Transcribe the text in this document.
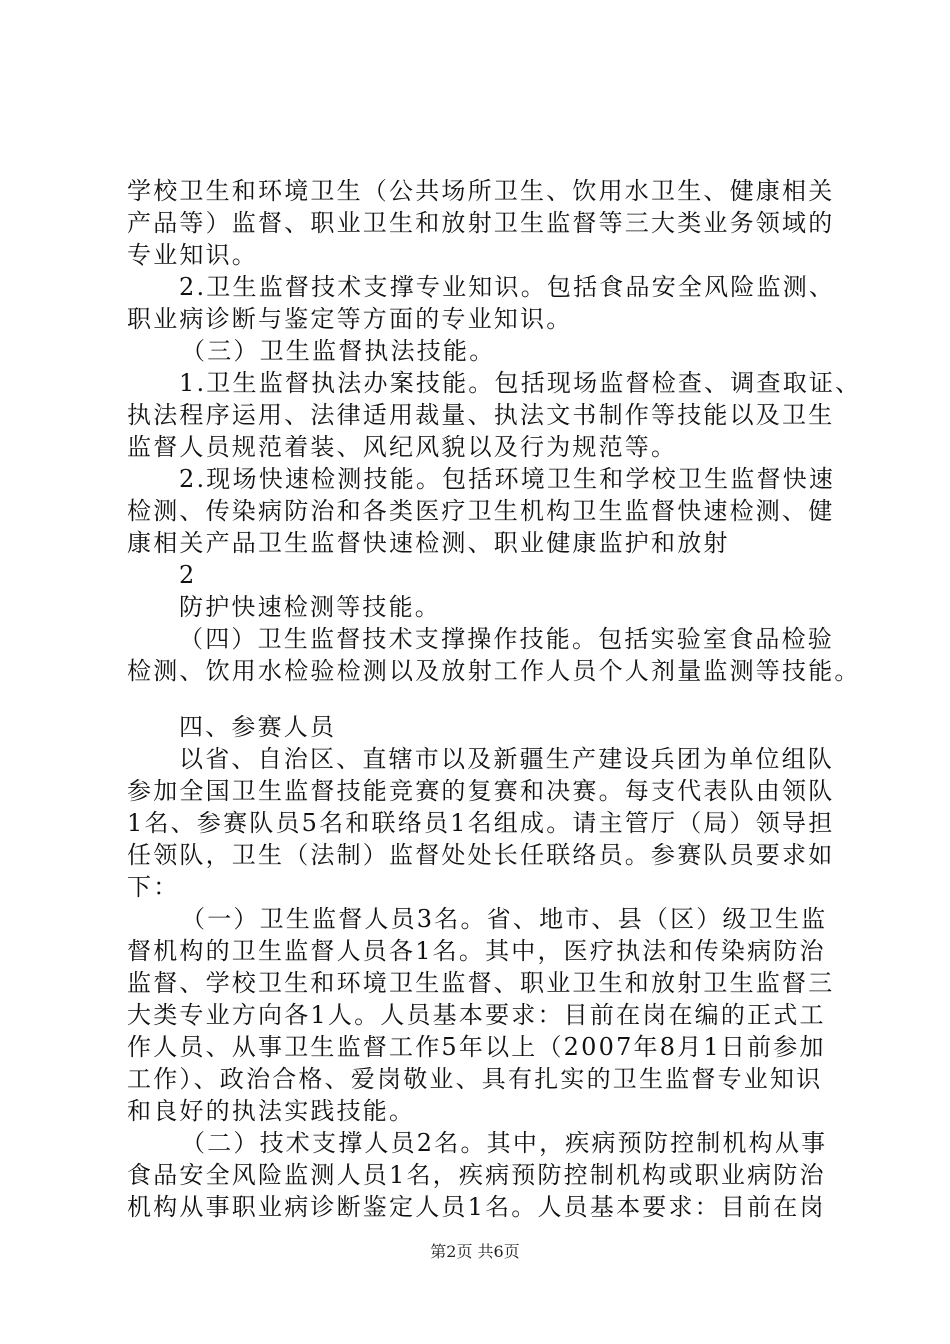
学校卫生和环境卫生（公共场所卫生、饮用水卫生、健康相关
产品等）监督、职业卫生和放射卫生监督等三大类业务领域的
专业知识。
2.卫生监督技术支撑专业知识。包括食品安全风险监测、
职业病诊断与鉴定等方面的专业知识。
（三）卫生监督执法技能。
1.卫生监督执法办案技能。包括现场监督检查、调查取证、
执法程序运用、法律适用裁量、执法文书制作等技能以及卫生
监督人员规范着装、风纪风貌以及行为规范等。
2.现场快速检测技能。包括环境卫生和学校卫生监督快速
检测、传染病防治和各类医疗卫生机构卫生监督快速检测、健
康相关产品卫生监督快速检测、职业健康监护和放射
2
防护快速检测等技能。
（四）卫生监督技术支撑操作技能。包括实验室食品检验
检测、饮用水检验检测以及放射工作人员个人剂量监测等技能。
四、参赛人员
以省、自治区、直辖市以及新疆生产建设兵团为单位组队
参加全国卫生监督技能竞赛的复赛和决赛。每支代表队由领队
1名、参赛队员5名和联络员1名组成。请主管厅（局）领导担
任领队，卫生（法制）监督处处长任联络员。参赛队员要求如
下：
（一）卫生监督人员3名。省、地市、县（区）级卫生监
督机构的卫生监督人员各1名。其中，医疗执法和传染病防治
监督、学校卫生和环境卫生监督、职业卫生和放射卫生监督三
大类专业方向各1人。人员基本要求：目前在岗在编的正式工
作人员、从事卫生监督工作5年以上（2007年8月1日前参加
工作）、政治合格、爱岗敬业、具有扎实的卫生监督专业知识
和良好的执法实践技能。
（二）技术支撑人员2名。其中，疾病预防控制机构从事
食品安全风险监测人员1名，疾病预防控制机构或职业病防治
机构从事职业病诊断鉴定人员1名。人员基本要求：目前在岗
第2页 共6页
